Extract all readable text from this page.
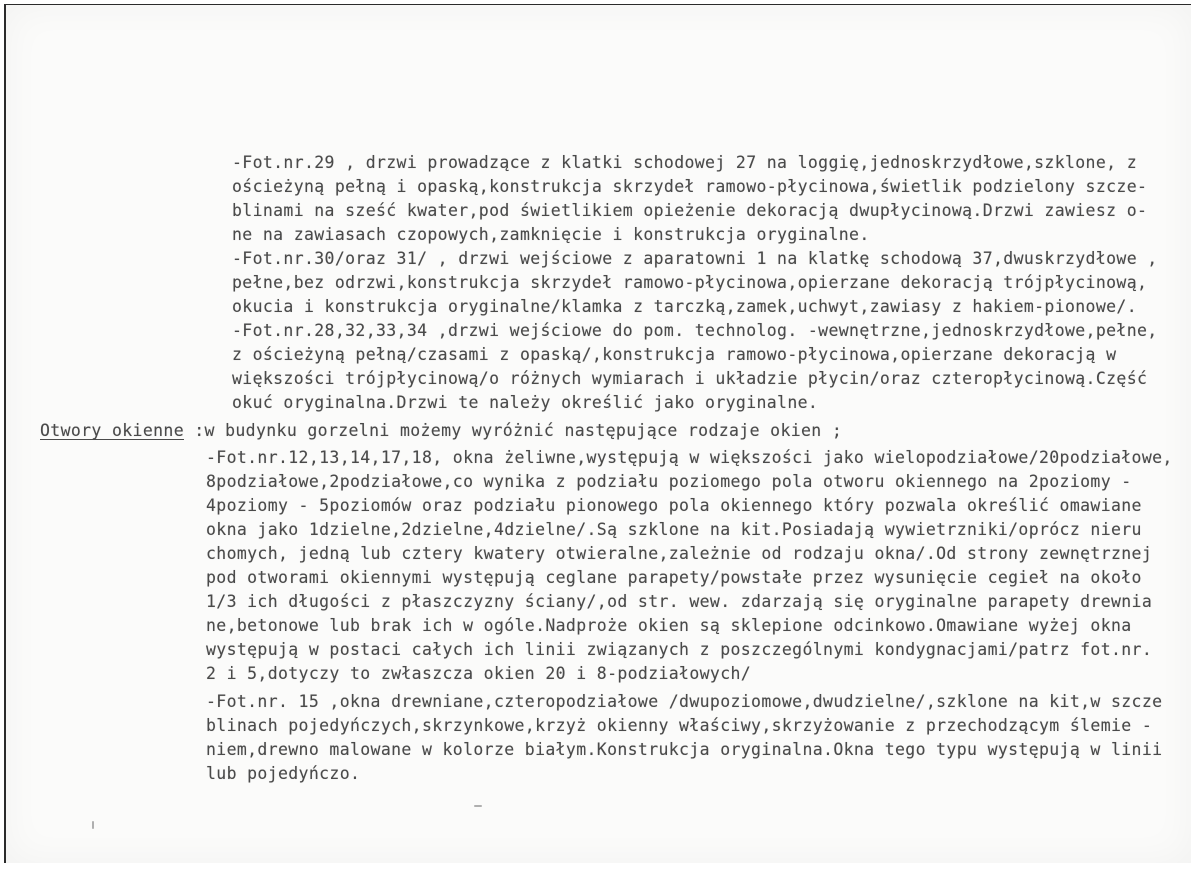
-Fot.nr.29 , drzwi prowadzące z klatki schodowej 27 na loggię,jednoskrzydłowe,szklone, z
ościeżyną pełną i opaską,konstrukcja skrzydeł ramowo-płycinowa,świetlik podzielony szcze-
blinami na sześć kwater,pod świetlikiem opieżenie dekoracją dwupłycinową.Drzwi zawiesz o-
ne na zawiasach czopowych,zamknięcie i konstrukcja oryginalne.
-Fot.nr.30/oraz 31/ , drzwi wejściowe z aparatowni 1 na klatkę schodową 37,dwuskrzydłowe ,
pełne,bez odrzwi,konstrukcja skrzydeł ramowo-płycinowa,opierzane dekoracją trójpłycinową,
okucia i konstrukcja oryginalne/klamka z tarczką,zamek,uchwyt,zawiasy z hakiem-pionowe/.
-Fot.nr.28,32,33,34 ,drzwi wejściowe do pom. technolog. -wewnętrzne,jednoskrzydłowe,pełne,
z ościeżyną pełną/czasami z opaską/,konstrukcja ramowo-płycinowa,opierzane dekoracją w
większości trójpłycinową/o różnych wymiarach i układzie płycin/oraz czteropłycinową.Część
okuć oryginalna.Drzwi te należy określić jako oryginalne.
Otwory okienne :w budynku gorzelni możemy wyróżnić następujące rodzaje okien ;
-Fot.nr.12,13,14,17,18, okna żeliwne,występują w większości jako wielopodziałowe/20podziałowe,
8podziałowe,2podziałowe,co wynika z podziału poziomego pola otworu okiennego na 2poziomy -
4poziomy - 5poziomów oraz podziału pionowego pola okiennego który pozwala określić omawiane
okna jako 1dzielne,2dzielne,4dzielne/.Są szklone na kit.Posiadają wywietrzniki/oprócz nieru
chomych, jedną lub cztery kwatery otwieralne,zależnie od rodzaju okna/.Od strony zewnętrznej
pod otworami okiennymi występują ceglane parapety/powstałe przez wysunięcie cegieł na około
1/3 ich długości z płaszczyzny ściany/,od str. wew. zdarzają się oryginalne parapety drewnia
ne,betonowe lub brak ich w ogóle.Nadproże okien są sklepione odcinkowo.Omawiane wyżej okna
występują w postaci całych ich linii związanych z poszczególnymi kondygnacjami/patrz fot.nr.
2 i 5,dotyczy to zwłaszcza okien 20 i 8-podziałowych/
-Fot.nr. 15 ,okna drewniane,czteropodziałowe /dwupoziomowe,dwudzielne/,szklone na kit,w szcze
blinach pojedyńczych,skrzynkowe,krzyż okienny właściwy,skrzyżowanie z przechodzącym ślemie -
niem,drewno malowane w kolorze białym.Konstrukcja oryginalna.Okna tego typu występują w linii
lub pojedyńczo.
